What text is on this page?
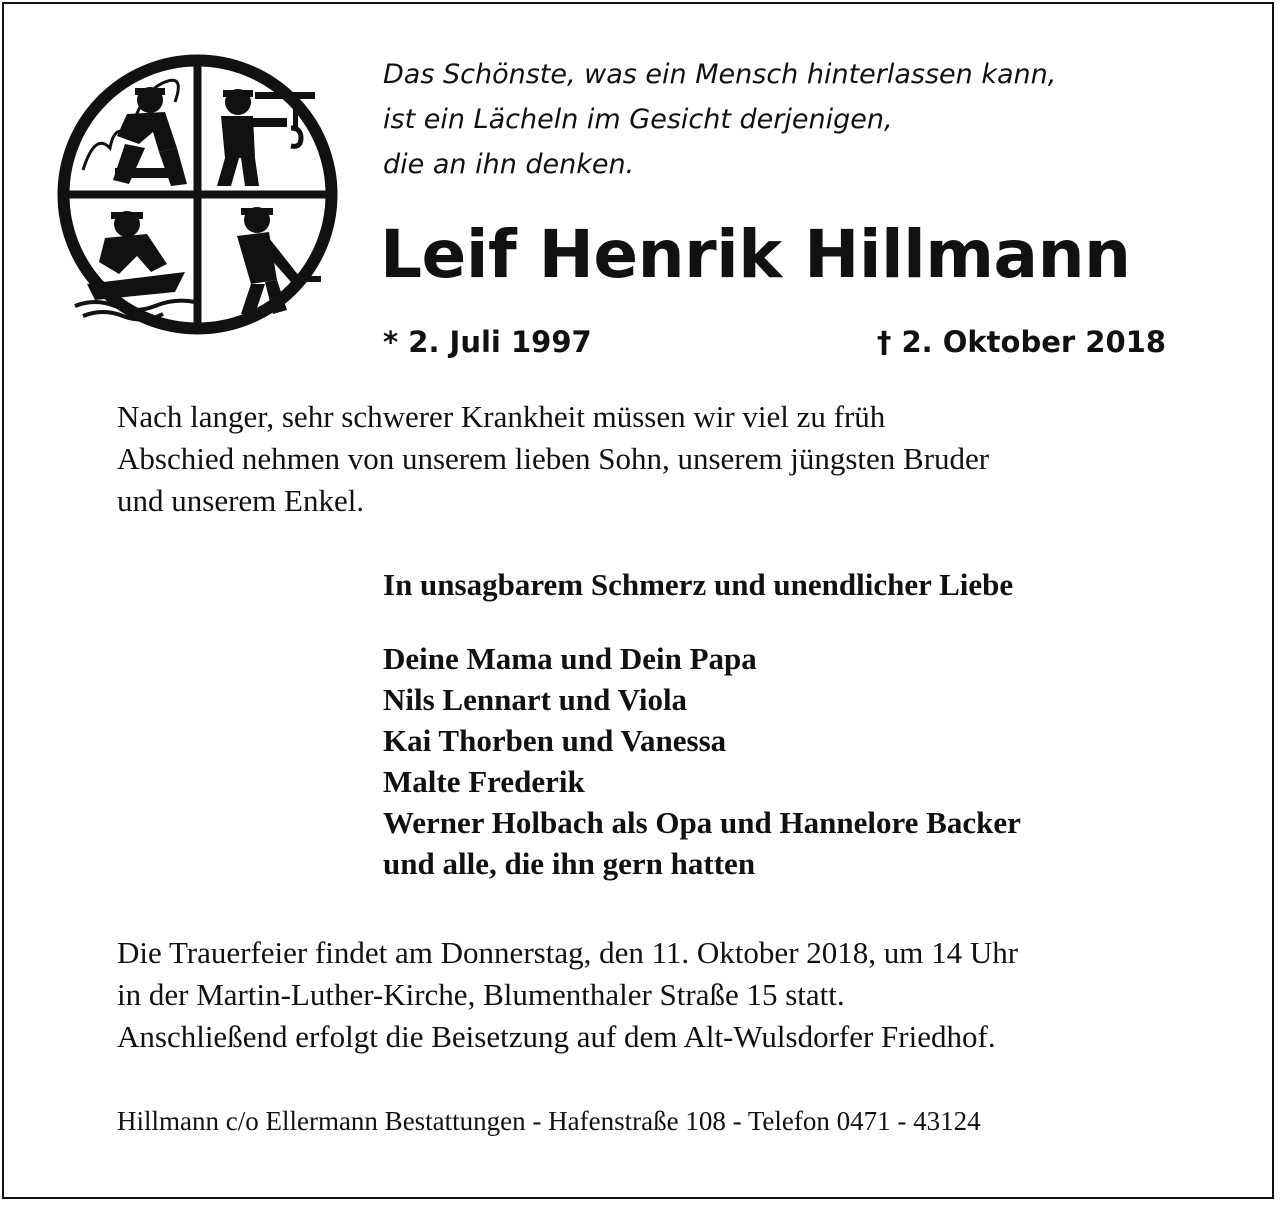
Das Schönste, was ein Mensch hinterlassen kann,
ist ein Lächeln im Gesicht derjenigen,
die an ihn denken.
Leif Henrik Hillmann
* 2. Juli 1997	† 2. Oktober 2018
Nach langer, sehr schwerer Krankheit müssen wir viel zu früh
Abschied nehmen von unserem lieben Sohn, unserem jüngsten Bruder
und unserem Enkel.
In unsagbarem Schmerz und unendlicher Liebe
Deine Mama und Dein Papa
Nils Lennart und Viola
Kai Thorben und Vanessa
Malte Frederik
Werner Holbach als Opa und Hannelore Backer
und alle, die ihn gern hatten
Die Trauerfeier findet am Donnerstag, den 11. Oktober 2018, um 14 Uhr
in der Martin-Luther-Kirche, Blumenthaler Straße 15 statt.
Anschließend erfolgt die Beisetzung auf dem Alt-Wulsdorfer Friedhof.
Hillmann c/o Ellermann Bestattungen - Hafenstraße 108 - Telefon 0471 - 43124
